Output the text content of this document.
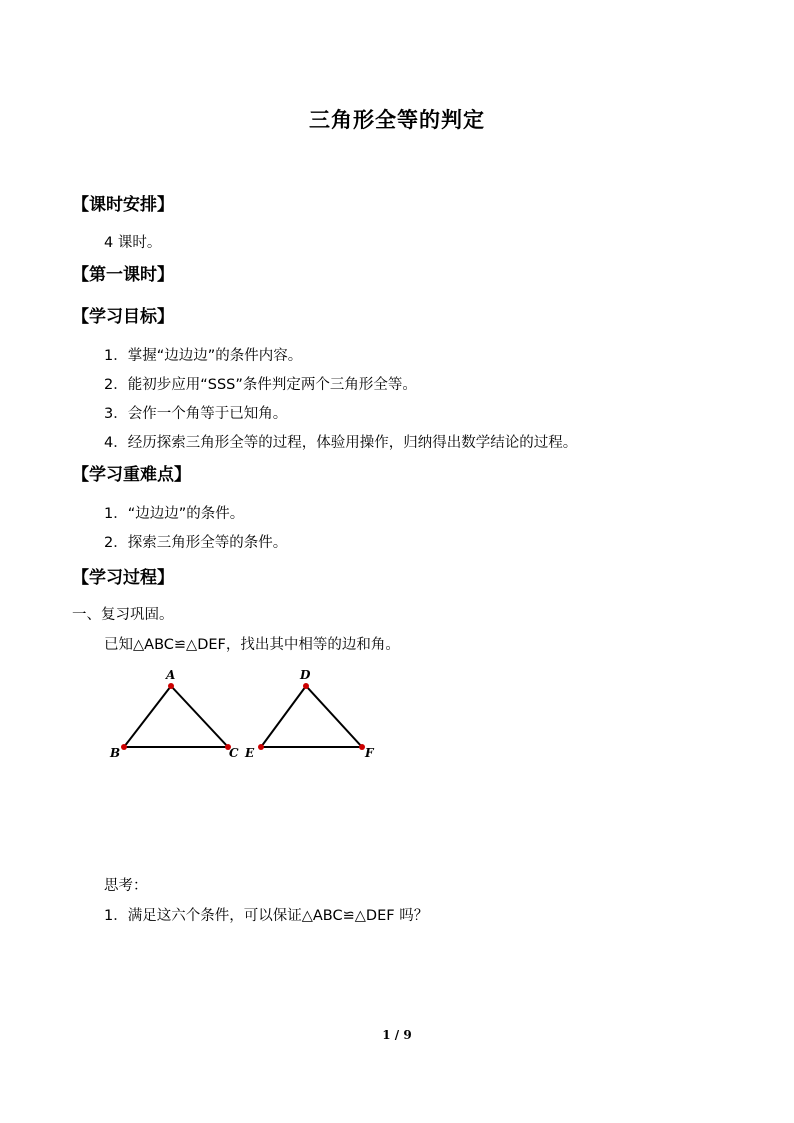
三角形全等的判定
【课时安排】
4 课时。
【第一课时】
【学习目标】
1．掌握“边边边”的条件内容。
2．能初步应用“SSS”条件判定两个三角形全等。
3．会作一个角等于已知角。
4．经历探索三角形全等的过程，体验用操作，归纳得出数学结论的过程。
【学习重难点】
1．“边边边”的条件。
2．探索三角形全等的条件。
【学习过程】
一、复习巩固。
已知△ABC≌△DEF，找出其中相等的边和角。
A
B	C
D
E	F
思考：
1．满足这六个条件，可以保证△ABC≌△DEF 吗？
1 / 9
